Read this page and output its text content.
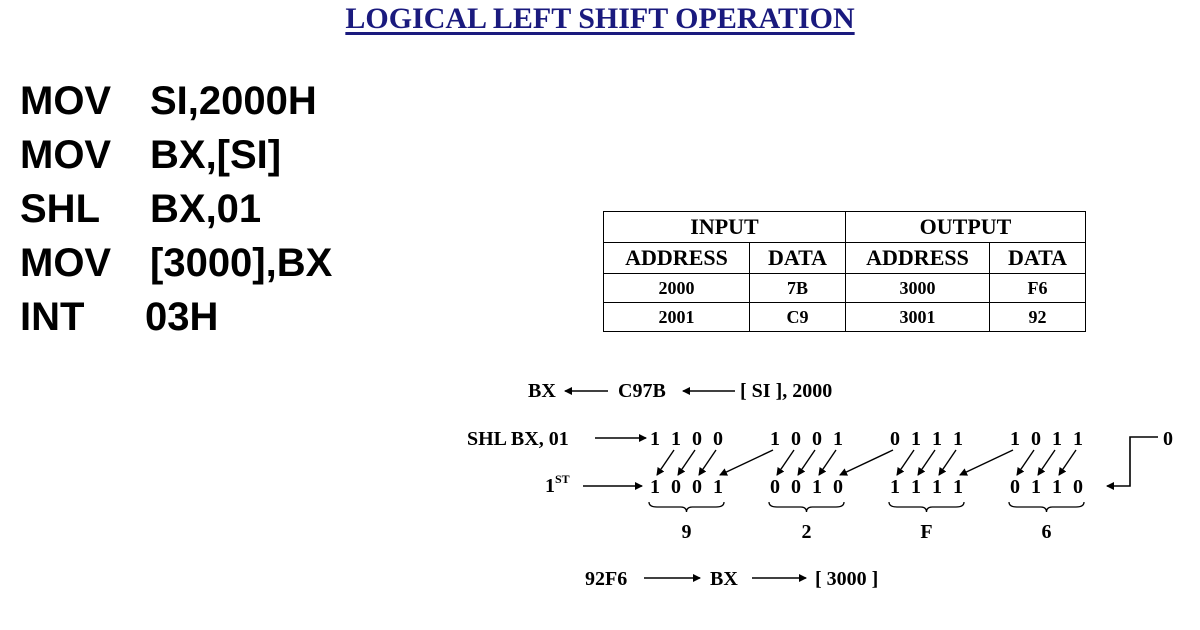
LOGICAL LEFT SHIFT OPERATION
MOV SI,2000H
MOV BX,[SI]
SHL BX,01
MOV [3000],BX
INT 03H
INPUT		OUTPUT	
ADDRESS	DATA	ADDRESS	DATA
2000	7B	3000	F6
2001	C9	3001	92
BX	C97B	[ SI ], 2000
SHL BX, 01	1 1 0 0 1 0 0 1 0 1 1 1 1 0 1 1	0
1ST	1 0 0 1 0 0 1 0 1 1 1 1 0 1 1 0
9	2	F	6
92F6	BX	[ 3000 ]
